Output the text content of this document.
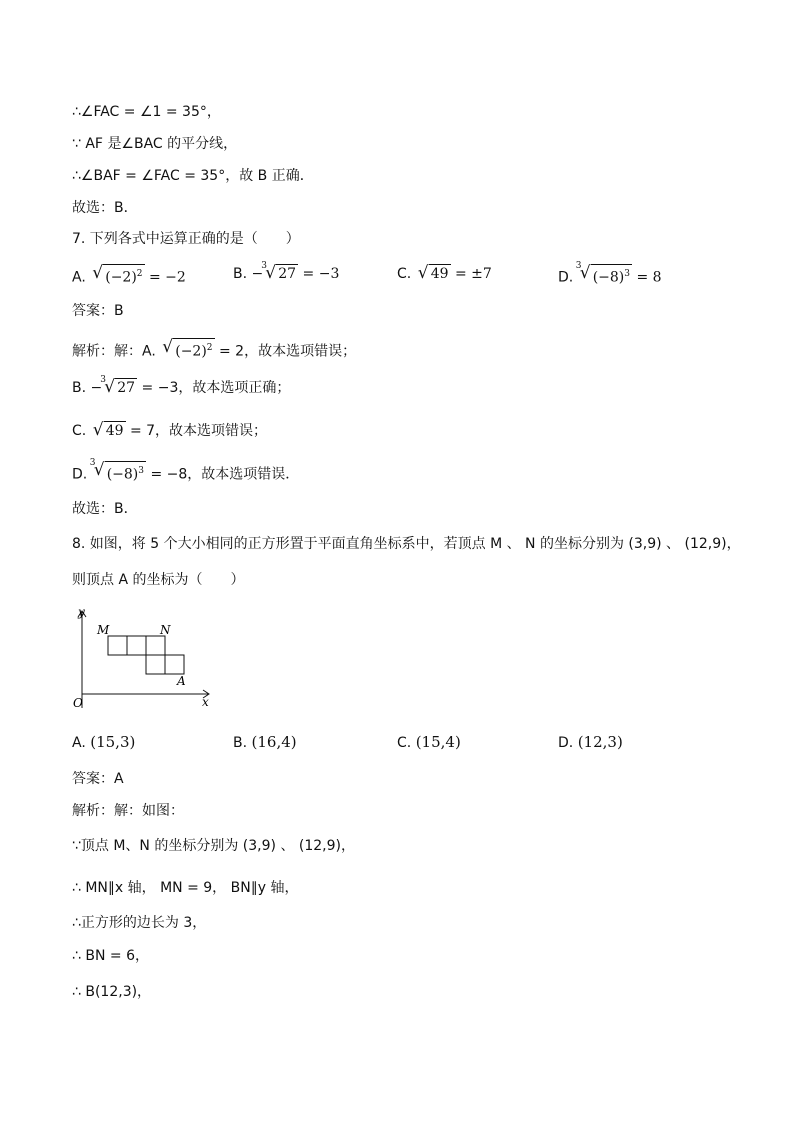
∴∠FAC = ∠1 = 35°，
∵ AF 是∠BAC 的平分线，
∴∠BAF = ∠FAC = 35°，故 B 正确．
故选：B．
7. 下列各式中运算正确的是（　　）
A. √ $(-2)^2 = -2$	B. −
3
√ 27 = −3	C. √ 49 = ±7	D.
3
√ $(-8)^3 = 8$
答案：B
解析：解：A. √ $(-2)^2 = 2$，故本选项错误；
B. −
3
√ 27 = −3，故本选项正确；
C. √ 49 = 7，故本选项错误；
D.
3
√ $(-8)^3 = -8$，故本选项错误．
故选：B．
8. 如图，将 5 个大小相同的正方形置于平面直角坐标系中，若顶点 M 、 N 的坐标分别为 (3,9) 、 (12,9)，
则顶点 A 的坐标为（　　）
y
x
O
M	N
A
A. (15,3)	B. (16,4)	C. (15,4)	D. (12,3)
答案：A
解析：解：如图：
∵顶点 M、N 的坐标分别为 (3,9) 、 (12,9)，
∴ MN∥x 轴， MN = 9， BN∥y 轴，
∴正方形的边长为 3，
∴ BN = 6，
∴ B(12,3)，
